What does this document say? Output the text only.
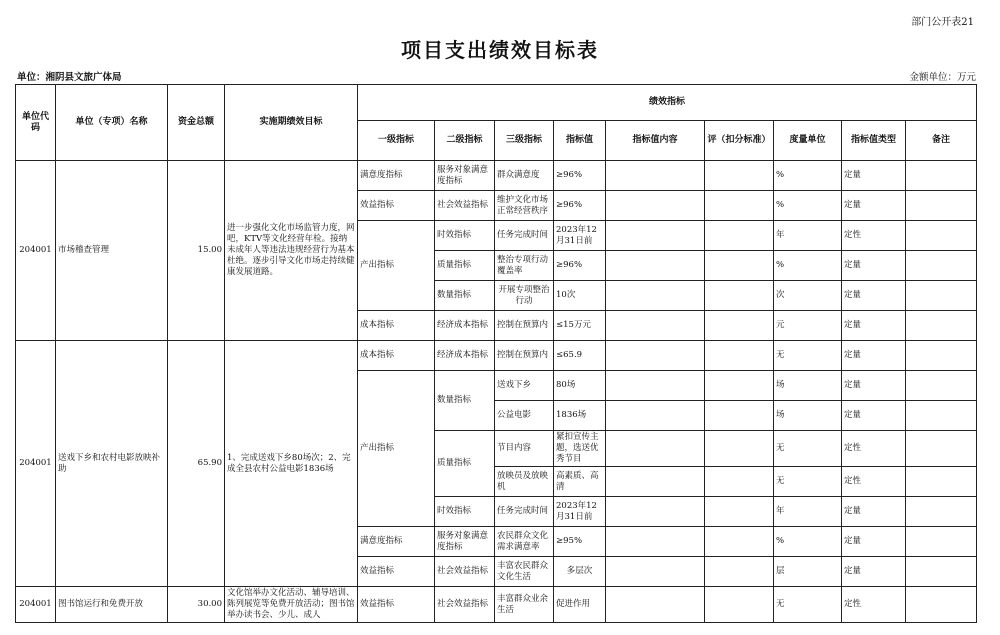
部门公开表21
项目支出绩效目标表
单位：湘阴县文旅广体局	金额单位：万元
单位代码	单位（专项）名称	资金总额	实施期绩效目标	绩效指标								
				一级指标	二级指标	三级指标	指标值	指标值内容	评（扣分标准）	度量单位	指标值类型	备注
204001	市场稽查管理	15.00	进一步强化文化市场监管力度，网吧，KTV等文化经营年检。接纳未成年人等违法违规经营行为基本杜绝。逐步引导文化市场走持续健康发展道路。	满意度指标	服务对象满意度指标	群众满意度	≥96%			%	定量	
				效益指标	社会效益指标	维护文化市场正常经营秩序	≥96%			%	定量	
				产出指标	时效指标	任务完成时间	2023年12月31日前			年	定性	
					质量指标	整治专项行动覆盖率	≥96%			%	定量	
					数量指标	开展专项整治行动	10次			次	定量	
				成本指标	经济成本指标	控制在预算内	≤15万元			元	定量	
204001	送戏下乡和农村电影放映补助	65.90	1、完成送戏下乡80场次；2、完成全县农村公益电影1836场	成本指标	经济成本指标	控制在预算内	≤65.9			无	定量	
				产出指标	数量指标	送戏下乡	80场			场	定量	
						公益电影	1836场			场	定量	
					质量指标	节目内容	紧扣宣传主题，选送优秀节目			无	定性	
						放映员及放映机	高素质、高清			无	定性	
					时效指标	任务完成时间	2023年12月31日前			年	定量	
				满意度指标	服务对象满意度指标	农民群众文化需求满意率	≥95%			%	定量	
				效益指标	社会效益指标	丰富农民群众文化生活	多层次			层	定量	
204001	图书馆运行和免费开放	30.00	文化馆举办文化活动、辅导培训、陈列展览等免费开放活动；图书馆举办读书会、少儿、成人	效益指标	社会效益指标	丰富群众业余生活	促进作用			无	定性	
